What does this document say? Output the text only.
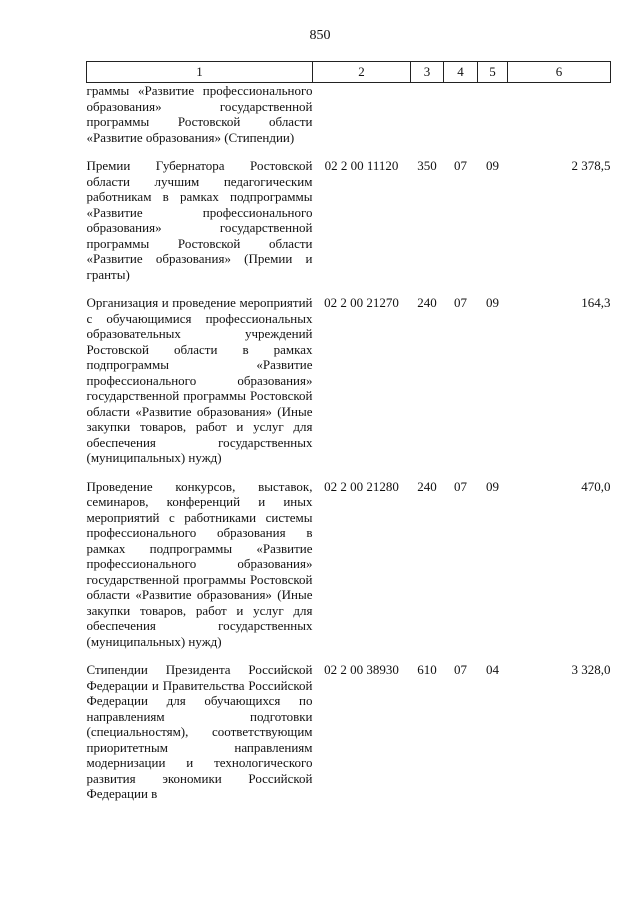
850
1	2	3	4	5	6

граммы «Развитие профессионального образования» государственной программы Ростовской области «Развитие образования» (Стипендии)					

Премии Губернатора Ростовской области лучшим педагогическим работникам в рамках подпрограммы «Развитие профессионального образования» государственной программы Ростовской области «Развитие образования» (Премии и гранты)	02 2 00 11120	350	07	09	2 378,5

Организация и проведение мероприятий с обучающимися профессиональных образовательных учреждений Ростовской области в рамках подпрограммы «Развитие профессионального образования» государственной программы Ростовской области «Развитие образования» (Иные закупки товаров, работ и услуг для обеспечения государственных (муниципальных) нужд)	02 2 00 21270	240	07	09	164,3

Проведение конкурсов, выставок, семинаров, конференций и иных мероприятий с работниками системы профессионального образования в рамках подпрограммы «Развитие профессионального образования» государственной программы Ростовской области «Развитие образования» (Иные закупки товаров, работ и услуг для обеспечения государственных (муниципальных) нужд)	02 2 00 21280	240	07	09	470,0

Стипендии Президента Российской Федерации и Правительства Российской Федерации для обучающихся по направлениям подготовки (специальностям), соответствующим приоритетным направлениям модернизации и технологического развития экономики Российской Федерации в	02 2 00 38930	610	07	04	3 328,0
